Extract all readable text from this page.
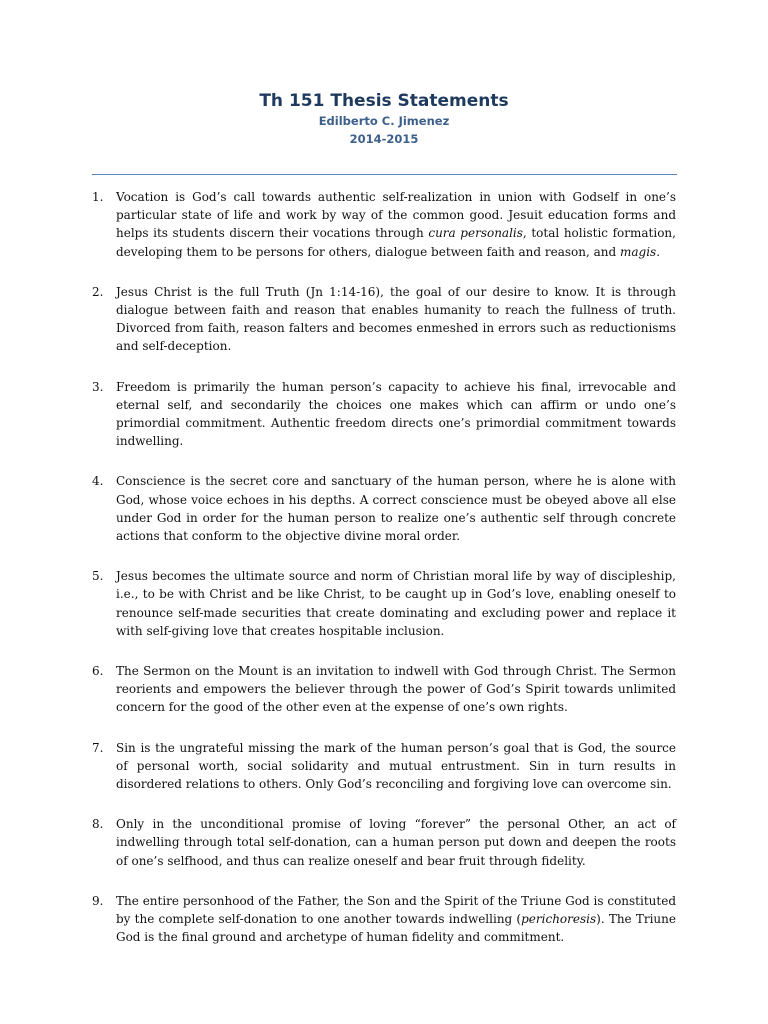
Th 151 Thesis Statements
Edilberto C. Jimenez
2014-2015
1. Vocation is God’s call towards authentic self-realization in union with Godself in one’s particular state of life and work by way of the common good. Jesuit education forms and helps its students discern their vocations through cura personalis, total holistic formation, developing them to be persons for others, dialogue between faith and reason, and magis.
2. Jesus Christ is the full Truth (Jn 1:14-16), the goal of our desire to know. It is through dialogue between faith and reason that enables humanity to reach the fullness of truth. Divorced from faith, reason falters and becomes enmeshed in errors such as reductionisms and self-deception.
3. Freedom is primarily the human person’s capacity to achieve his final, irrevocable and eternal self, and secondarily the choices one makes which can affirm or undo one’s primordial commitment. Authentic freedom directs one’s primordial commitment towards indwelling.
4. Conscience is the secret core and sanctuary of the human person, where he is alone with God, whose voice echoes in his depths. A correct conscience must be obeyed above all else under God in order for the human person to realize one’s authentic self through concrete actions that conform to the objective divine moral order.
5. Jesus becomes the ultimate source and norm of Christian moral life by way of discipleship, i.e., to be with Christ and be like Christ, to be caught up in God’s love, enabling oneself to renounce self-made securities that create dominating and excluding power and replace it with self-giving love that creates hospitable inclusion.
6. The Sermon on the Mount is an invitation to indwell with God through Christ. The Sermon reorients and empowers the believer through the power of God’s Spirit towards unlimited concern for the good of the other even at the expense of one’s own rights.
7. Sin is the ungrateful missing the mark of the human person’s goal that is God, the source of personal worth, social solidarity and mutual entrustment. Sin in turn results in disordered relations to others. Only God’s reconciling and forgiving love can overcome sin.
8. Only in the unconditional promise of loving “forever” the personal Other, an act of indwelling through total self-donation, can a human person put down and deepen the roots of one’s selfhood, and thus can realize oneself and bear fruit through fidelity.
9. The entire personhood of the Father, the Son and the Spirit of the Triune God is constituted by the complete self-donation to one another towards indwelling (perichoresis). The Triune God is the final ground and archetype of human fidelity and commitment.
